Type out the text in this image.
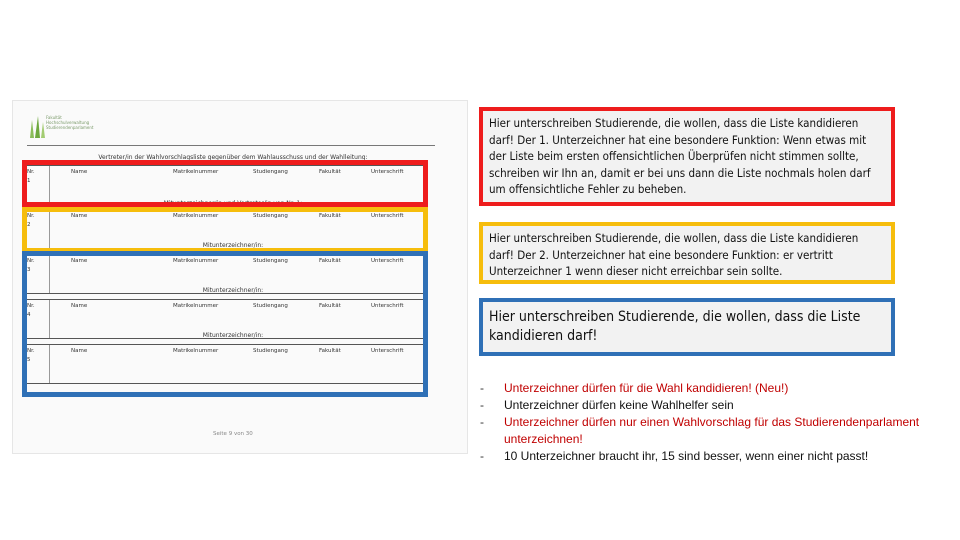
Fakultät
Hochschulverwaltung
Studierendenparlament
Vertreter/in der Wahlvorschlagsliste gegenüber dem Wahlausschuss und der Wahlleitung:
Nr.
1
Name	Matrikelnummer	Studiengang	Fakultät	Unterschrift
Mitunterzeichner/in und Vertreter/in von Nr. 1:
Nr.
2
Name	Matrikelnummer	Studiengang	Fakultät	Unterschrift
Mitunterzeichner/in:
Nr.
3
Name	Matrikelnummer	Studiengang	Fakultät	Unterschrift
Mitunterzeichner/in:
Nr.
4
Name	Matrikelnummer	Studiengang	Fakultät	Unterschrift
Mitunterzeichner/in:
Nr.
5
Name	Matrikelnummer	Studiengang	Fakultät	Unterschrift
Seite 9 von 30
Hier unterschreiben Studierende, die wollen, dass die Liste kandidieren darf! Der 1. Unterzeichner hat eine besondere Funktion: Wenn etwas mit der Liste beim ersten offensichtlichen Überprüfen nicht stimmen sollte, schreiben wir Ihn an, damit er bei uns dann die Liste nochmals holen darf um offensichtliche Fehler zu beheben.
Hier unterschreiben Studierende, die wollen, dass die Liste kandidieren darf! Der 2. Unterzeichner hat eine besondere Funktion: er vertritt Unterzeichner 1 wenn dieser nicht erreichbar sein sollte.
Hier unterschreiben Studierende, die wollen, dass die Liste kandidieren darf!
- Unterzeichner dürfen für die Wahl kandidieren! (Neu!)
- Unterzeichner dürfen keine Wahlhelfer sein
- Unterzeichner dürfen nur einen Wahlvorschlag für das Studierendenparlament unterzeichnen!
- 10 Unterzeichner braucht ihr, 15 sind besser, wenn einer nicht passt!
